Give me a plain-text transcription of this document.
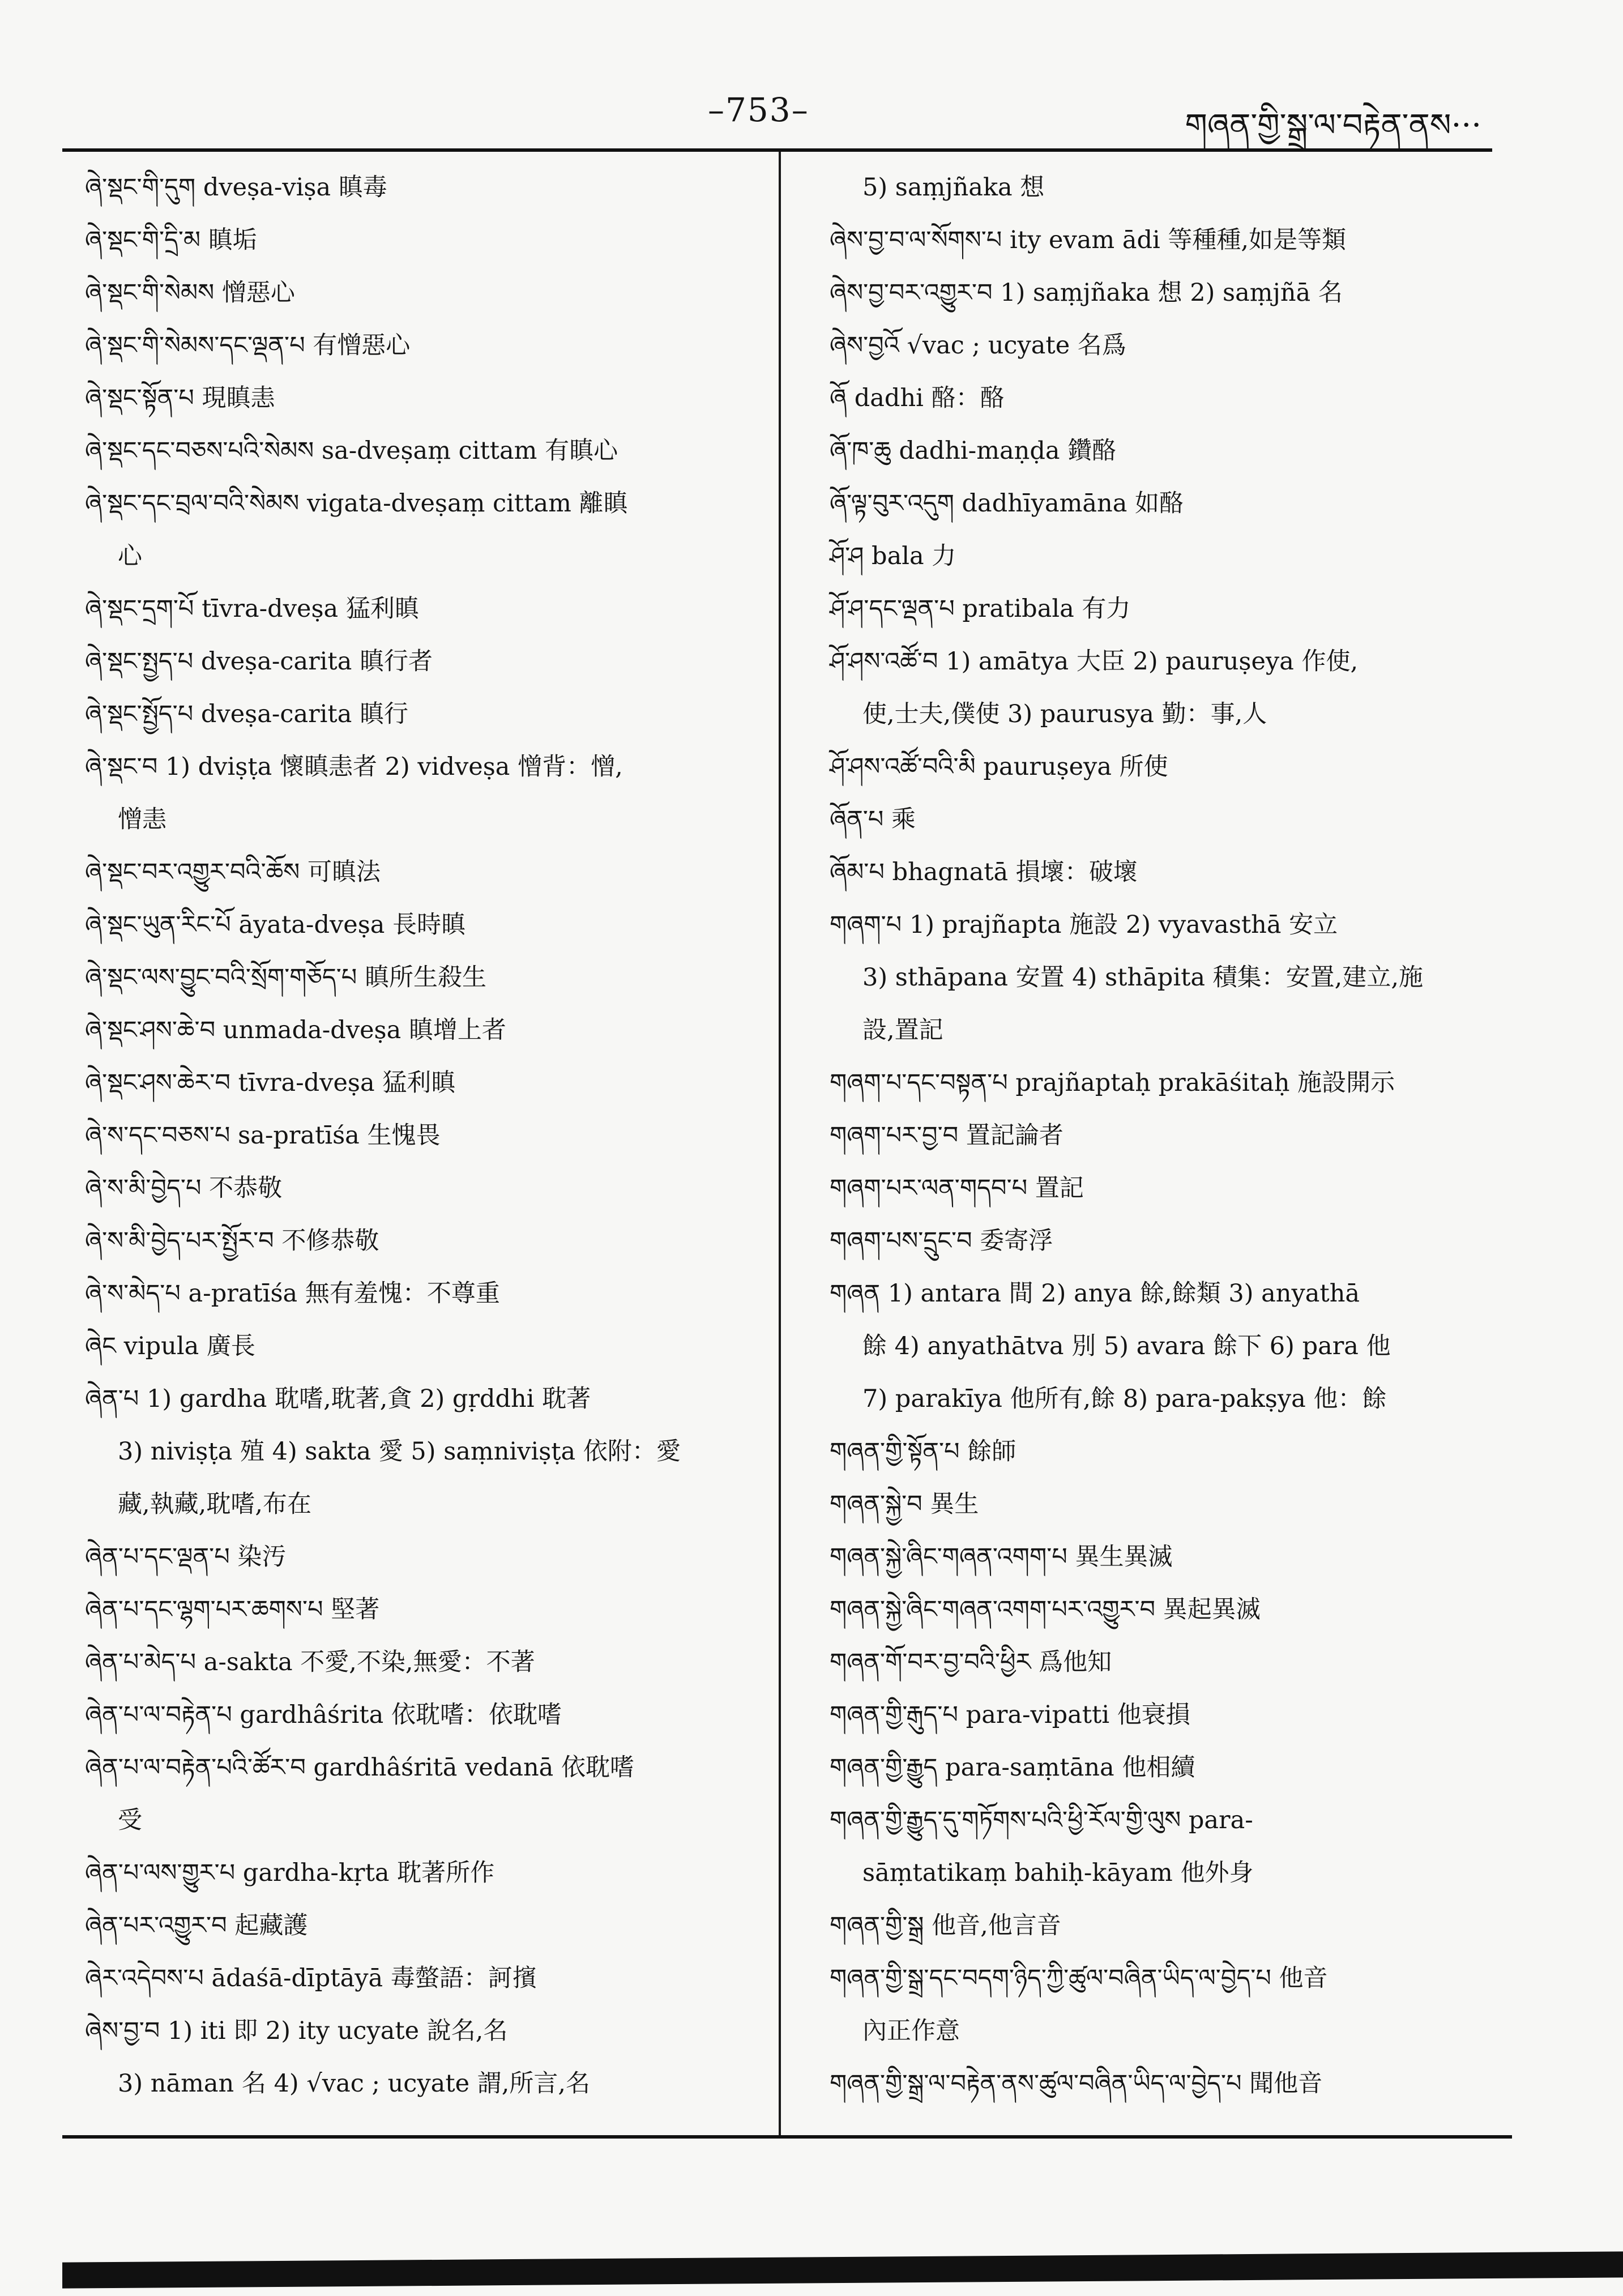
–753–	གཞན་གྱི་སྒྲ་ལ་བརྟེན་ནས···
ཞེ་སྡང་གི་དུག dveṣa-viṣa 瞋毒
ཞེ་སྡང་གི་དྲི་མ 瞋垢
ཞེ་སྡང་གི་སེམས 憎惡心
ཞེ་སྡང་གི་སེམས་དང་ལྡན་པ 有憎惡心
ཞེ་སྡང་སྟོན་པ 現瞋恚
ཞེ་སྡང་དང་བཅས་པའི་སེམས sa-dveṣaṃ cittam 有瞋心
ཞེ་སྡང་དང་བྲལ་བའི་སེམས vigata-dveṣaṃ cittam 離瞋
心
ཞེ་སྡང་དྲག་པོ tīvra-dveṣa 猛利瞋
ཞེ་སྡང་སྤྱད་པ dveṣa-carita 瞋行者
ཞེ་སྡང་སྤྱོད་པ dveṣa-carita 瞋行
ཞེ་སྡང་བ 1) dviṣṭa 懷瞋恚者 2) vidveṣa 憎背：憎,
憎恚
ཞེ་སྡང་བར་འགྱུར་བའི་ཆོས 可瞋法
ཞེ་སྡང་ཡུན་རིང་པོ āyata-dveṣa 長時瞋
ཞེ་སྡང་ལས་བྱུང་བའི་སྲོག་གཅོད་པ 瞋所生殺生
ཞེ་སྡང་ཤས་ཆེ་བ unmada-dveṣa 瞋增上者
ཞེ་སྡང་ཤས་ཆེར་བ tīvra-dveṣa 猛利瞋
ཞེ་ས་དང་བཅས་པ sa-pratīśa 生愧畏
ཞེ་ས་མི་བྱེད་པ 不恭敬
ཞེ་ས་མི་བྱེད་པར་སྤྱོར་བ 不修恭敬
ཞེ་ས་མེད་པ a-pratīśa 無有羞愧：不尊重
ཞེང vipula 廣長
ཞེན་པ 1) gardha 耽嗜,耽著,貪 2) gṛddhi 耽著
3) niviṣṭa 殖 4) sakta 愛 5) saṃniviṣṭa 依附：愛
藏,執藏,耽嗜,布在
ཞེན་པ་དང་ལྡན་པ 染汚
ཞེན་པ་དང་ལྷག་པར་ཆགས་པ 堅著
ཞེན་པ་མེད་པ a-sakta 不愛,不染,無愛：不著
ཞེན་པ་ལ་བརྟེན་པ gardhâśrita 依耽嗜：依耽嗜
ཞེན་པ་ལ་བརྟེན་པའི་ཚོར་བ gardhâśritā vedanā 依耽嗜
受
ཞེན་པ་ལས་གྱུར་པ gardha-kṛta 耽著所作
ཞེན་པར་འགྱུར་བ 起藏護
ཞེར་འདེབས་པ ādaśā-dīptāyā 毒螫語：訶擯
ཞེས་བྱ་བ 1) iti 即 2) ity ucyate 說名,名
3) nāman 名 4) √vac ; ucyate 謂,所言,名
5) saṃjñaka 想
ཞེས་བྱ་བ་ལ་སོགས་པ ity evam ādi 等種種,如是等類
ཞེས་བྱ་བར་འགྱུར་བ 1) saṃjñaka 想 2) saṃjñā 名
ཞེས་བྱའོ √vac ; ucyate 名爲
ཞོ dadhi 酪：酪
ཞོ་ཁ་ཆུ dadhi-maṇḍa 鑽酪
ཞོ་ལྟ་བུར་འདུག dadhīyamāna 如酪
ཤོ་ཤ bala 力
ཤོ་ཤ་དང་ལྡན་པ pratibala 有力
ཤོ་ཤས་འཚོ་བ 1) amātya 大臣 2) pauruṣeya 作使,
使,士夫,僕使 3) paurusya 勤：事,人
ཤོ་ཤས་འཚོ་བའི་མི pauruṣeya 所使
ཞོན་པ 乘
ཞོམ་པ bhagnatā 損壞：破壞
གཞག་པ 1) prajñapta 施設 2) vyavasthā 安立
3) sthāpana 安置 4) sthāpita 積集：安置,建立,施
設,置記
གཞག་པ་དང་བསྟན་པ prajñaptaḥ prakāśitaḥ 施設開示
གཞག་པར་བྱ་བ 置記論者
གཞག་པར་ལན་གདབ་པ 置記
གཞག་པས་དྲུང་བ 委寄浮
གཞན 1) antara 間 2) anya 餘,餘類 3) anyathā
餘 4) anyathātva 別 5) avara 餘下 6) para 他
7) parakīya 他所有,餘 8) para-pakṣya 他：餘
གཞན་གྱི་སྟོན་པ 餘師
གཞན་སྐྱེ་བ 異生
གཞན་སྐྱེ་ཞིང་གཞན་འགག་པ 異生異滅
གཞན་སྐྱེ་ཞིང་གཞན་འགག་པར་འགྱུར་བ 異起異滅
གཞན་གོ་བར་བྱ་བའི་ཕྱིར 爲他知
གཞན་གྱི་རྒུད་པ para-vipatti 他衰損
གཞན་གྱི་རྒྱུད para-saṃtāna 他相續
གཞན་གྱི་རྒྱུད་དུ་གཏོགས་པའི་ཕྱི་རོལ་གྱི་ལུས para-
sāṃtatikaṃ bahiḥ-kāyam 他外身
གཞན་གྱི་སྒྲ 他音,他言音
གཞན་གྱི་སྒྲ་དང་བདག་ཉིད་ཀྱི་ཚུལ་བཞིན་ཡིད་ལ་བྱེད་པ 他音
內正作意
གཞན་གྱི་སྒྲ་ལ་བརྟེན་ནས་ཚུལ་བཞིན་ཡིད་ལ་བྱེད་པ 聞他音
